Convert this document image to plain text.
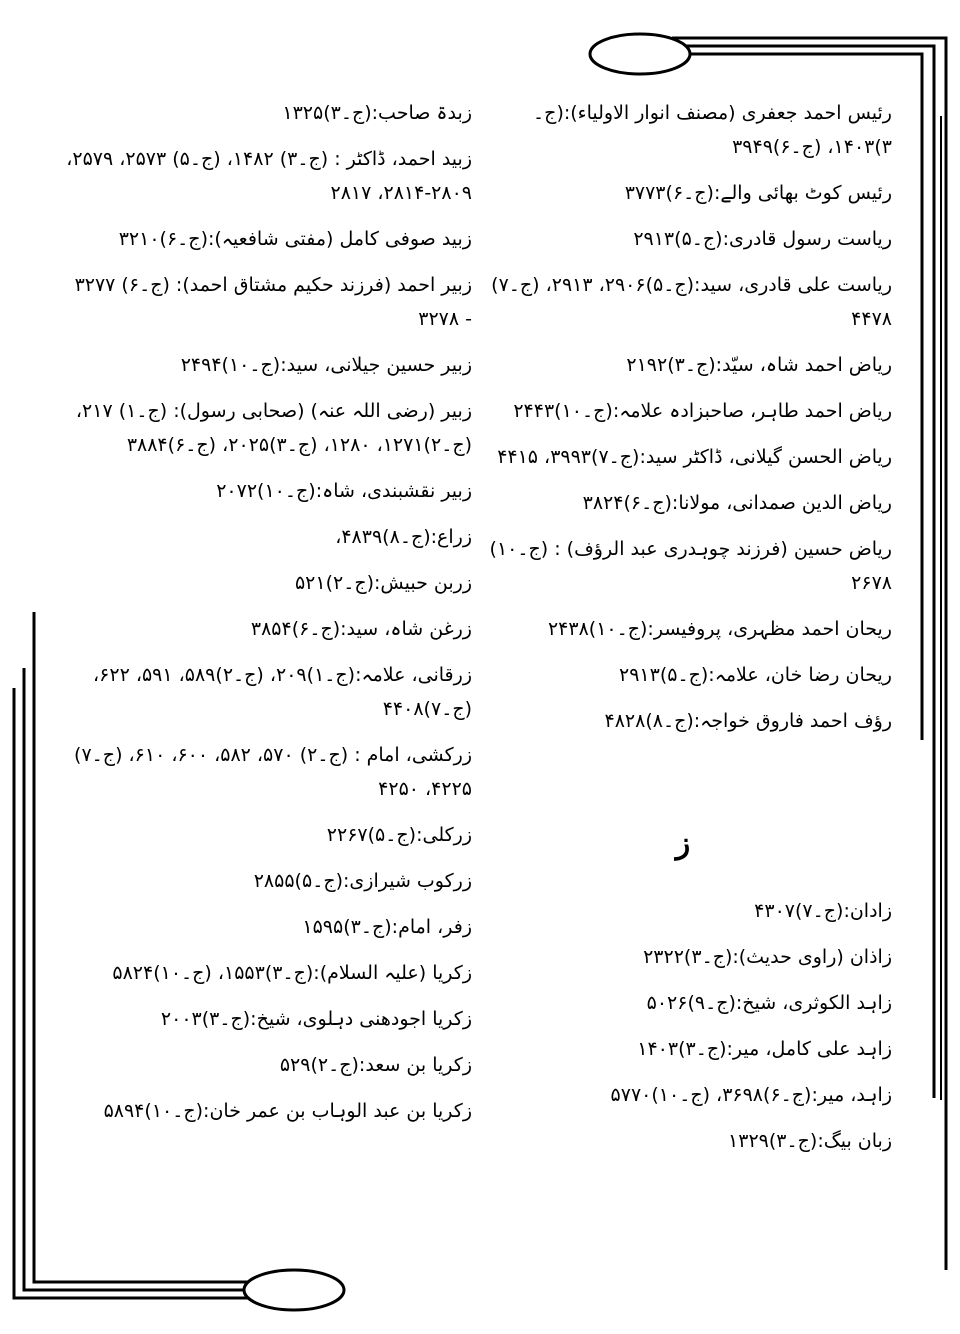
رئیس احمد جعفری (مصنف انوار الاولیاء):(ج۔۳)۱۴۰۳، (ج۔۶)۳۹۴۹

رئیس کوٹ بھائی والے:(ج۔۶)۳۷۷۳

ریاست رسول قادری:(ج۔۵)۲۹۱۳

ریاست علی قادری، سید:(ج۔۵)۲۹۰۶، ۲۹۱۳، (ج۔۷) ۴۴۷۸

ریاض احمد شاہ، سیّد:(ج۔۳)۲۱۹۲

ریاض احمد طاہر، صاحبزادہ علامہ:(ج۔۱۰)۲۴۴۳

ریاض الحسن گیلانی، ڈاکٹر سید:(ج۔۷)۳۹۹۳، ۴۴۱۵

ریاض الدین صمدانی، مولانا:(ج۔۶)۳۸۲۴

ریاض حسین (فرزند چوہدری عبد الرؤف) : (ج۔۱۰) ۲۶۷۸

ریحان احمد مظہری، پروفیسر:(ج۔۱۰)۲۴۳۸

ریحان رضا خان، علامہ:(ج۔۵)۲۹۱۳

رؤف احمد فاروق خواجہ:(ج۔۸)۴۸۲۸

ز

زادان:(ج۔۷)۴۳۰۷

زاذان (راوی حدیث):(ج۔۳)۲۳۲۲

زاہد الکوثری، شیخ:(ج۔۹)۵۰۲۶

زاہد علی کامل، میر:(ج۔۳)۱۴۰۳

زاہد، میر:(ج۔۶)۳۶۹۸، (ج۔۱۰)۵۷۷۰

زبان بیگ:(ج۔۳)۱۳۲۹

زبدۃ صاحب:(ج۔۳)۱۳۲۵

زبید احمد، ڈاکٹر : (ج۔۳) ۱۴۸۲، (ج۔۵) ۲۵۷۳، ۲۵۷۹، ۲۸۰۹-۲۸۱۴، ۲۸۱۷

زبید صوفی کامل (مفتی شافعیہ):(ج۔۶)۳۲۱۰

زبیر احمد (فرزند حکیم مشتاق احمد): (ج۔۶) ۳۲۷۷ - ۳۲۷۸

زبیر حسین جیلانی، سید:(ج۔۱۰)۲۴۹۴

زبیر (رضی اللہ عنہ) (صحابی رسول): (ج۔۱) ۲۱۷، (ج۔۲)۱۲۷۱، ۱۲۸۰، (ج۔۳)۲۰۲۵، (ج۔۶)۳۸۸۴

زبیر نقشبندی، شاہ:(ج۔۱۰)۲۰۷۲

زراع:(ج۔۸)۴۸۳۹،

زربن حبیش:(ج۔۲)۵۲۱

زرغن شاہ، سید:(ج۔۶)۳۸۵۴

زرقانی، علامہ:(ج۔۱)۲۰۹، (ج۔۲)۵۸۹، ۵۹۱، ۶۲۲، (ج۔۷)۴۴۰۸

زرکشی، امام : (ج۔۲) ۵۷۰، ۵۸۲، ۶۰۰، ۶۱۰، (ج۔۷) ۴۲۲۵، ۴۲۵۰

زرکلی:(ج۔۵)۲۲۶۷

زرکوب شیرازی:(ج۔۵)۲۸۵۵

زفر، امام:(ج۔۳)۱۵۹۵

زکریا (علیہ السلام):(ج۔۳)۱۵۵۳، (ج۔۱۰)۵۸۲۴

زکریا اجودھنی دہلوی، شیخ:(ج۔۳)۲۰۰۳

زکریا بن سعد:(ج۔۲)۵۲۹

زکریا بن عبد الوہاب بن عمر خان:(ج۔۱۰)۵۸۹۴
